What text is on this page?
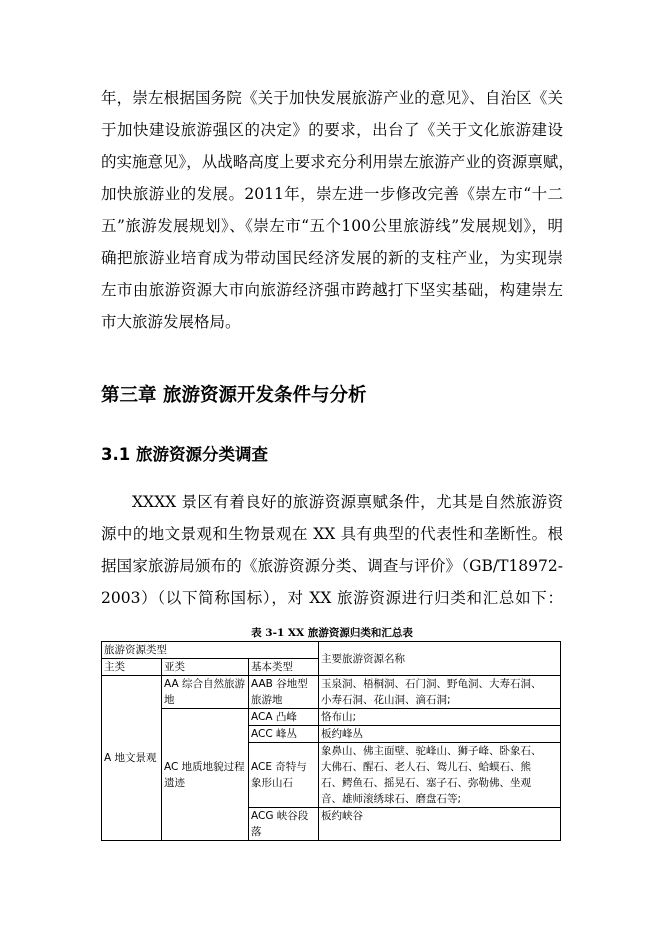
年，崇左根据国务院《关于加快发展旅游产业的意见》、自治区《关
于加快建设旅游强区的决定》的要求，出台了《关于文化旅游建设
的实施意见》，从战略高度上要求充分利用崇左旅游产业的资源禀赋，
加快旅游业的发展。2011年，崇左进一步修改完善《崇左市“十二
五”旅游发展规划》、《崇左市“五个100公里旅游线”发展规划》，明
确把旅游业培育成为带动国民经济发展的新的支柱产业，为实现崇
左市由旅游资源大市向旅游经济强市跨越打下坚实基础，构建崇左
市大旅游发展格局。
第三章 旅游资源开发条件与分析
3.1 旅游资源分类调查
XXXX 景区有着良好的旅游资源禀赋条件，尤其是自然旅游资
源中的地文景观和生物景观在 XX 具有典型的代表性和垄断性。根
据国家旅游局颁布的《旅游资源分类、调查与评价》（GB/T18972-
2003）（以下简称国标），对 XX 旅游资源进行归类和汇总如下：
表 3-1 XX 旅游资源归类和汇总表
旅游资源类型			主要旅游资源名称
主类	亚类	基本类型	
A 地文景观	AA 综合自然旅游地	AAB 谷地型旅游地	玉泉洞、梧桐洞、石门洞、野龟洞、大寿石洞、
小寿石洞、花山洞、滴石洞;

	AC 地质地貌过程遗迹	ACA 凸峰	恪布山;
		ACC 峰丛	板约峰丛
		ACE 奇特与象形山石	象鼻山、佛主面壁、驼峰山、狮子峰、卧象石、
大佛石、醒石、老人石、鸳儿石、蛤蟆石、熊
石、鳄鱼石、摇晃石、塞子石、弥勒佛、坐观
音、雄师滚绣球石、磨盘石等;

		ACG 峡谷段落	板约峡谷
